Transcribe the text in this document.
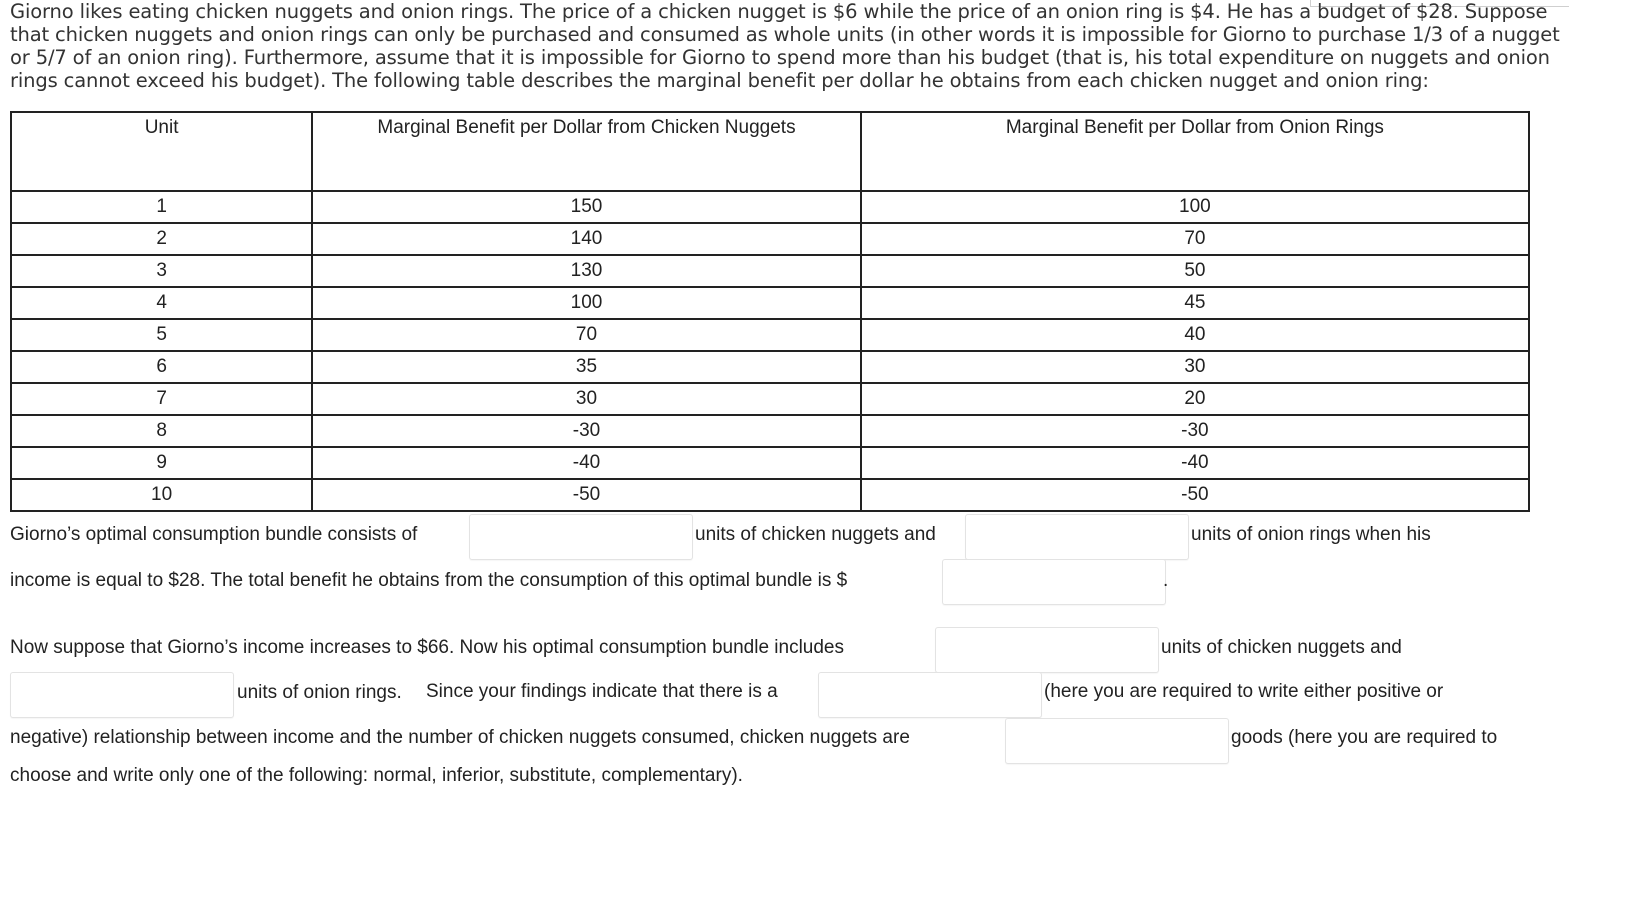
Giorno likes eating chicken nuggets and onion rings. The price of a chicken nugget is $6 while the price of an onion ring is $4. He has a budget of $28. Suppose that chicken nuggets and onion rings can only be purchased and consumed as whole units (in other words it is impossible for Giorno to purchase 1/3 of a nugget or 5/7 of an onion ring). Furthermore, assume that it is impossible for Giorno to spend more than his budget (that is, his total expenditure on nuggets and onion rings cannot exceed his budget). The following table describes the marginal benefit per dollar he obtains from each chicken nugget and onion ring:
Unit	Marginal Benefit per Dollar from Chicken Nuggets	Marginal Benefit per Dollar from Onion Rings
1	150	100
2	140	70
3	130	50
4	100	45
5	70	40
6	35	30
7	30	20
8	-30	-30
9	-40	-40
10	-50	-50
Giorno’s optimal consumption bundle consists of	units of chicken nuggets and	units of onion rings when his
income is equal to $28. The total benefit he obtains from the consumption of this optimal bundle is $	.
Now suppose that Giorno’s income increases to $66. Now his optimal consumption bundle includes	units of chicken nuggets and
units of onion rings. Since your findings indicate that there is a	(here you are required to write either positive or
negative) relationship between income and the number of chicken nuggets consumed, chicken nuggets are	goods (here you are required to
choose and write only one of the following: normal, inferior, substitute, complementary).
